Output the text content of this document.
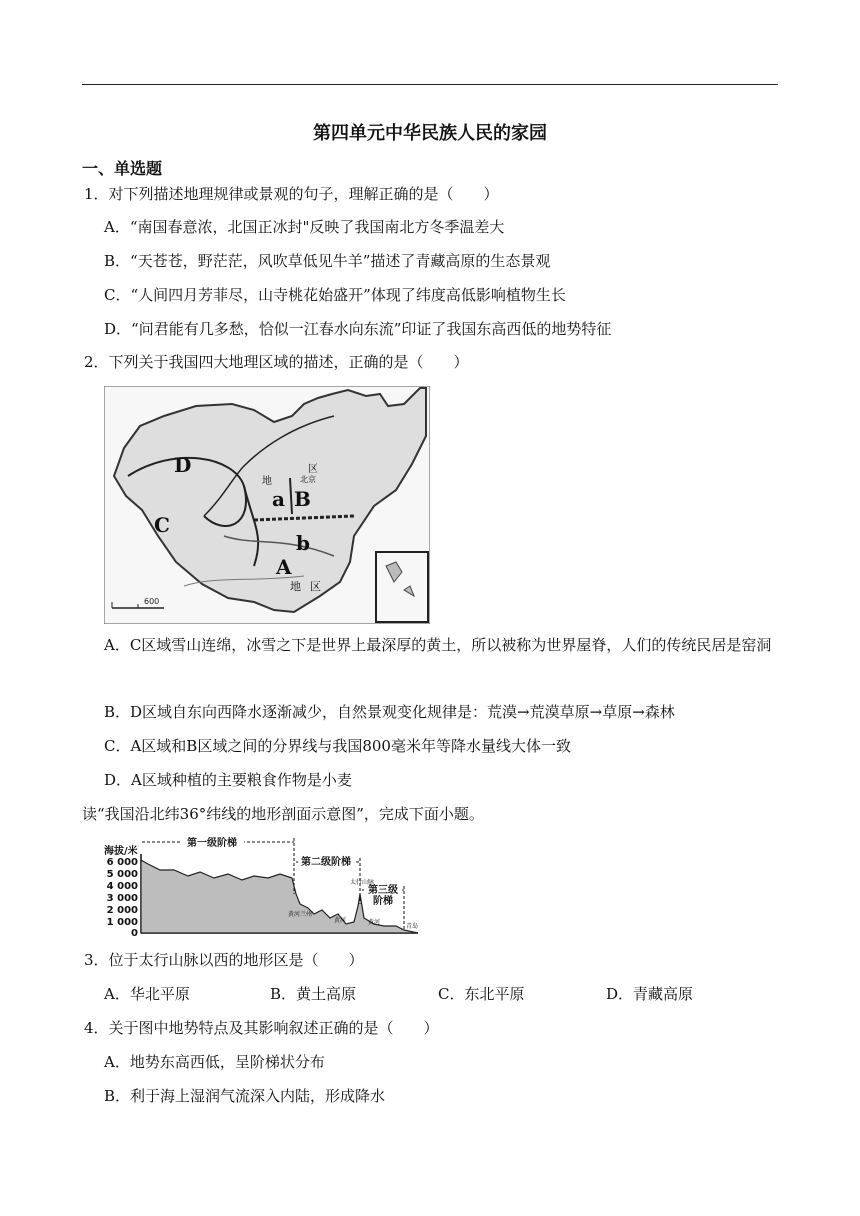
第四单元中华民族人民的家园
一、单选题
1．对下列描述地理规律或景观的句子，理解正确的是（　　）
A．“南国春意浓，北国正冰封"反映了我国南北方冬季温差大
B．“天苍苍，野茫茫，风吹草低见牛羊”描述了青藏高原的生态景观
C．“人间四月芳菲尽，山寺桃花始盛开”体现了纬度高低影响植物生长
D．“问君能有几多愁，恰似一江春水向东流”印证了我国东高西低的地势特征
2．下列关于我国四大地理区域的描述，正确的是（　　）
600
D
C
B
A
a
b
地
区
北京
地 区
A．C区域雪山连绵，冰雪之下是世界上最深厚的黄土，所以被称为世界屋脊，人们的传统民居是窑洞
B．D区域自东向西降水逐渐减少，自然景观变化规律是：荒漠→荒漠草原→草原→森林
C．A区域和B区域之间的分界线与我国800毫米年等降水量线大体一致
D．A区域种植的主要粮食作物是小麦
读“我国沿北纬36°纬线的地形剖面示意图”，完成下面小题。
海拔/米
6 000
5 000
4 000
3 000
2 000
1 000
0
第一级阶梯
第二级阶梯
第三级
阶梯
黄河 兰州
太行山脉
黄河	黄河
青岛
3．位于太行山脉以西的地形区是（　　）
A．华北平原	B．黄土高原	C．东北平原	D．青藏高原
4．关于图中地势特点及其影响叙述正确的是（　　）
A．地势东高西低，呈阶梯状分布
B．利于海上湿润气流深入内陆，形成降水
